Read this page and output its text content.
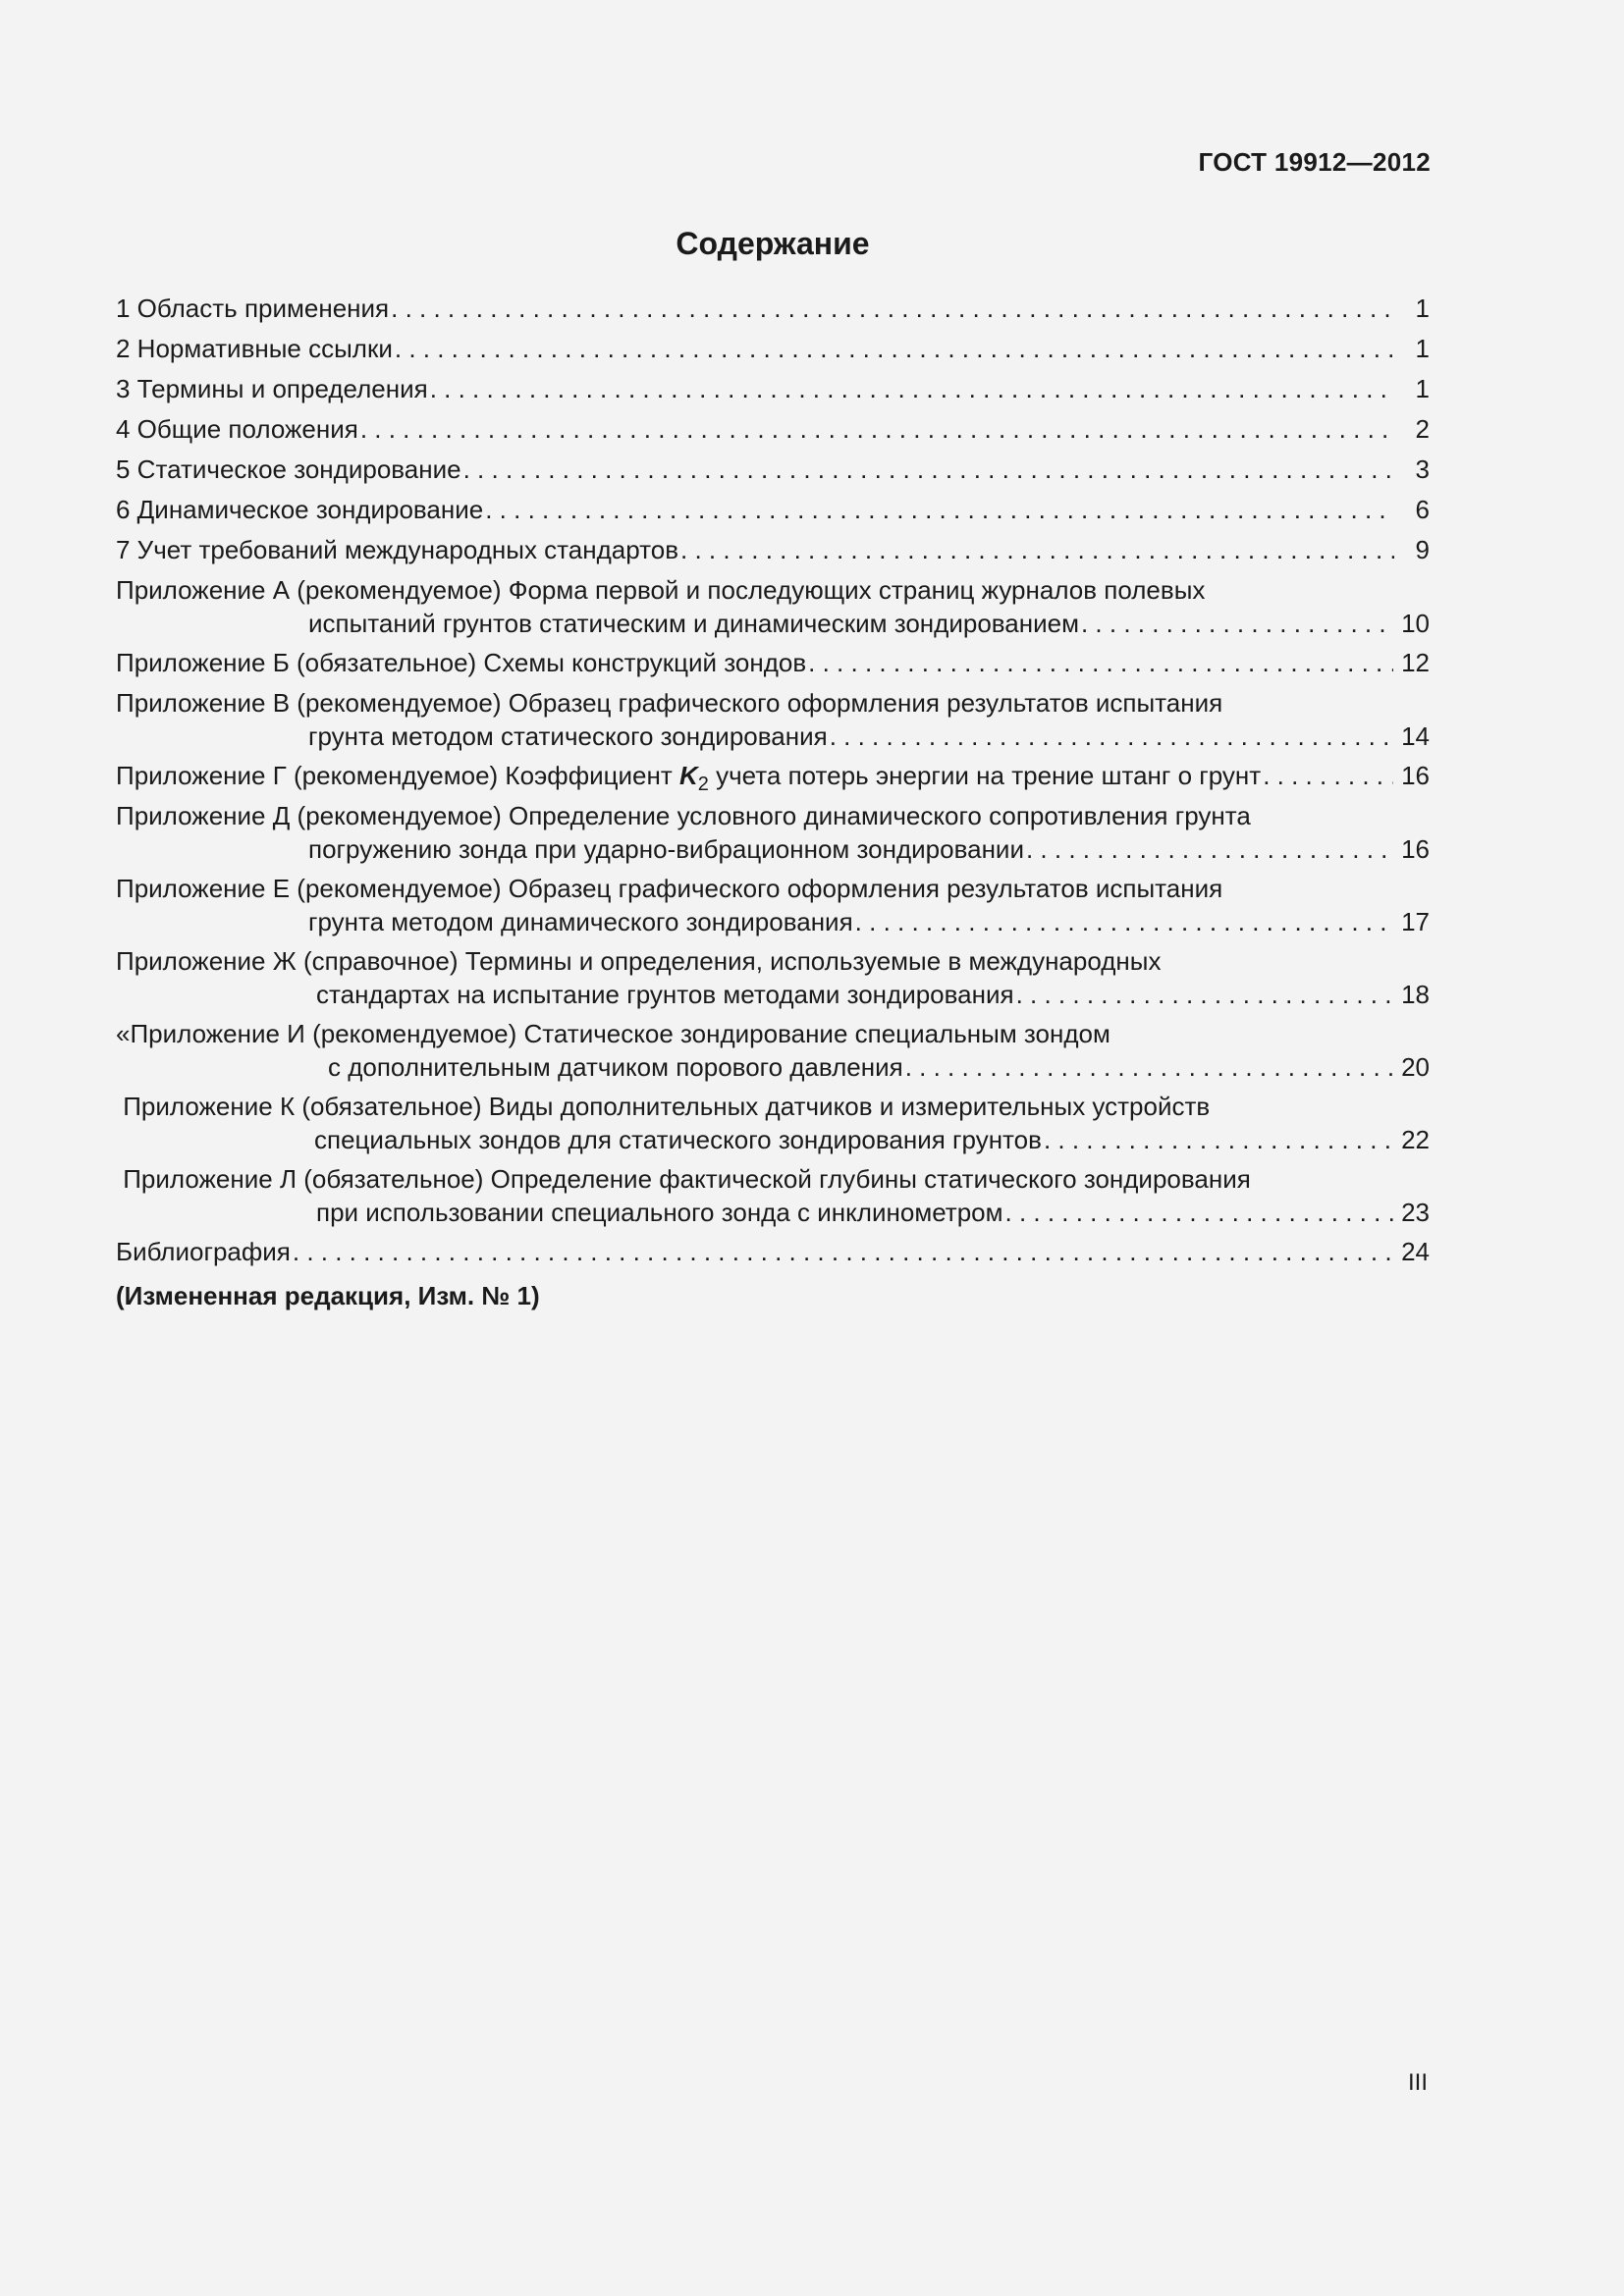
ГОСТ 19912—2012
Содержание
1 Область применения . . .	1
2 Нормативные ссылки . . .	1
3 Термины и определения . . .	1
4 Общие положения . . .	2
5 Статическое зондирование . . .	3
6 Динамическое зондирование . . .	6
7 Учет требований международных стандартов . . .	9
Приложение А (рекомендуемое) Форма первой и последующих страниц журналов полевых
испытаний грунтов статическим и динамическим зондированием . . .	10
Приложение Б (обязательное) Схемы конструкций зондов . . .	12
Приложение В (рекомендуемое) Образец графического оформления результатов испытания
грунта методом статического зондирования . . .	14
Приложение Г (рекомендуемое) Коэффициент $K_2$ учета потерь энергии на трение штанг о грунт . . .	16
Приложение Д (рекомендуемое) Определение условного динамического сопротивления грунта
погружению зонда при ударно-вибрационном зондировании . . .	16
Приложение Е (рекомендуемое) Образец графического оформления результатов испытания
грунта методом динамического зондирования . . .	17
Приложение Ж (справочное) Термины и определения, используемые в международных
стандартах на испытание грунтов методами зондирования . . .	18
«Приложение И (рекомендуемое) Статическое зондирование специальным зондом
с дополнительным датчиком порового давления . . .	20
Приложение К (обязательное) Виды дополнительных датчиков и измерительных устройств
специальных зондов для статического зондирования грунтов . . .	22
Приложение Л (обязательное) Определение фактической глубины статического зондирования
при использовании специального зонда с инклинометром . . .	23
Библиография . . .	24
(Измененная редакция, Изм. № 1)
III
